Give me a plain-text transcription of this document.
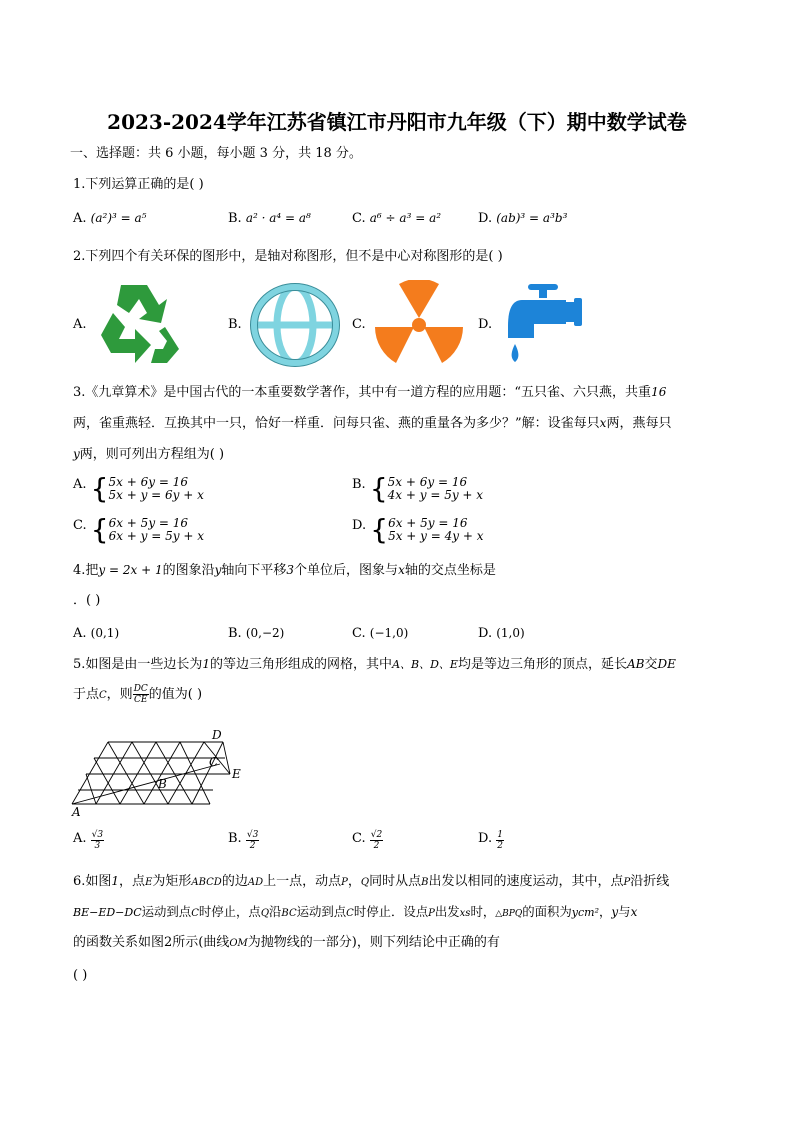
2023-2024学年江苏省镇江市丹阳市九年级（下）期中数学试卷
一、选择题：共 6 小题，每小题 3 分，共 18 分。
1.下列运算正确的是( )
A. (a²)³ = a⁵	B. a² · a⁴ = a⁸	C. a⁶ ÷ a³ = a²	D. (ab)³ = a³b³
2.下列四个有关环保的图形中，是轴对称图形，但不是中心对称图形的是( )
A.	B.	C.	D.
3.《九章算术》是中国古代的一本重要数学著作，其中有一道方程的应用题：“五只雀、六只燕，共重16
两，雀重燕轻．互换其中一只，恰好一样重．问每只雀、燕的重量各为多少？”解：设雀每只x两，燕每只
y两，则可列出方程组为( )
A. {5x + 6y = 16
5x + y = 6y + x
B. {5x + 6y = 16
4x + y = 5y + x
C. {6x + 5y = 16
6x + y = 5y + x
D. {6x + 5y = 16
5x + y = 4y + x
4.把y = 2x + 1的图象沿y轴向下平移3个单位后，图象与x轴的交点坐标是
．( )
A. (0,1)	B. (0,−2)	C. (−1,0)	D. (1,0)
5.如图是由一些边长为1的等边三角形组成的网格，其中A、B、D、E均是等边三角形的顶点，延长AB交DE
于点C，则 $\frac{DC}{CE}$ 的值为( )
D
C
E
B
A
A. $\frac{√3}{3}$	B. $\frac{√3}{2}$	C. $\frac{√2}{2}$	D. $\frac{1}{2}$
6.如图1，点E为矩形ABCD的边AD上一点，动点P，Q同时从点B出发以相同的速度运动，其中，点P沿折线
BE−ED−DC运动到点C时停止，点Q沿BC运动到点C时停止．设点P出发xs时，△BPQ的面积为ycm²，y与x
的函数关系如图2所示(曲线OM为抛物线的一部分)，则下列结论中正确的有
( )
